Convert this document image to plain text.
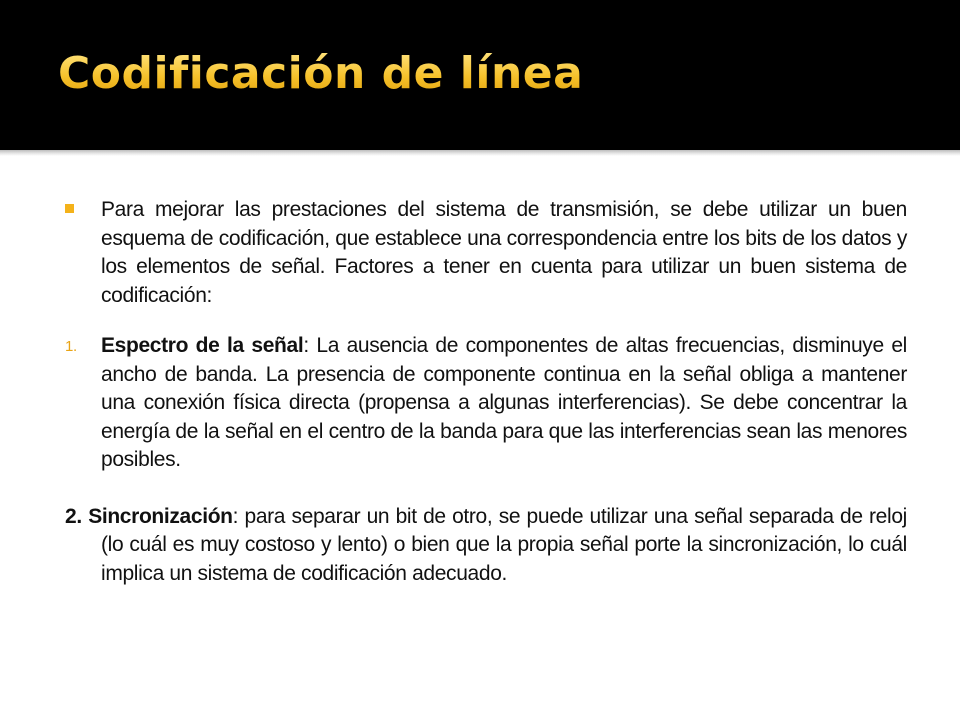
Codificación de línea

Para mejorar las prestaciones del sistema de transmisión, se debe utilizar un buen esquema de codificación, que establece una correspondencia entre los bits de los datos y los elementos de señal. Factores a tener en cuenta para utilizar un buen sistema de codificación:

1. Espectro de la señal: La ausencia de componentes de altas frecuencias, disminuye el ancho de banda. La presencia de componente continua en la señal obliga a mantener una conexión física directa (propensa a algunas interferencias). Se debe concentrar la energía de la señal en el centro de la banda para que las interferencias sean las menores posibles.

2. Sincronización: para separar un bit de otro, se puede utilizar una señal separada de reloj (lo cuál es muy costoso y lento) o bien que la propia señal porte la sincronización, lo cuál implica un sistema de codificación adecuado.
